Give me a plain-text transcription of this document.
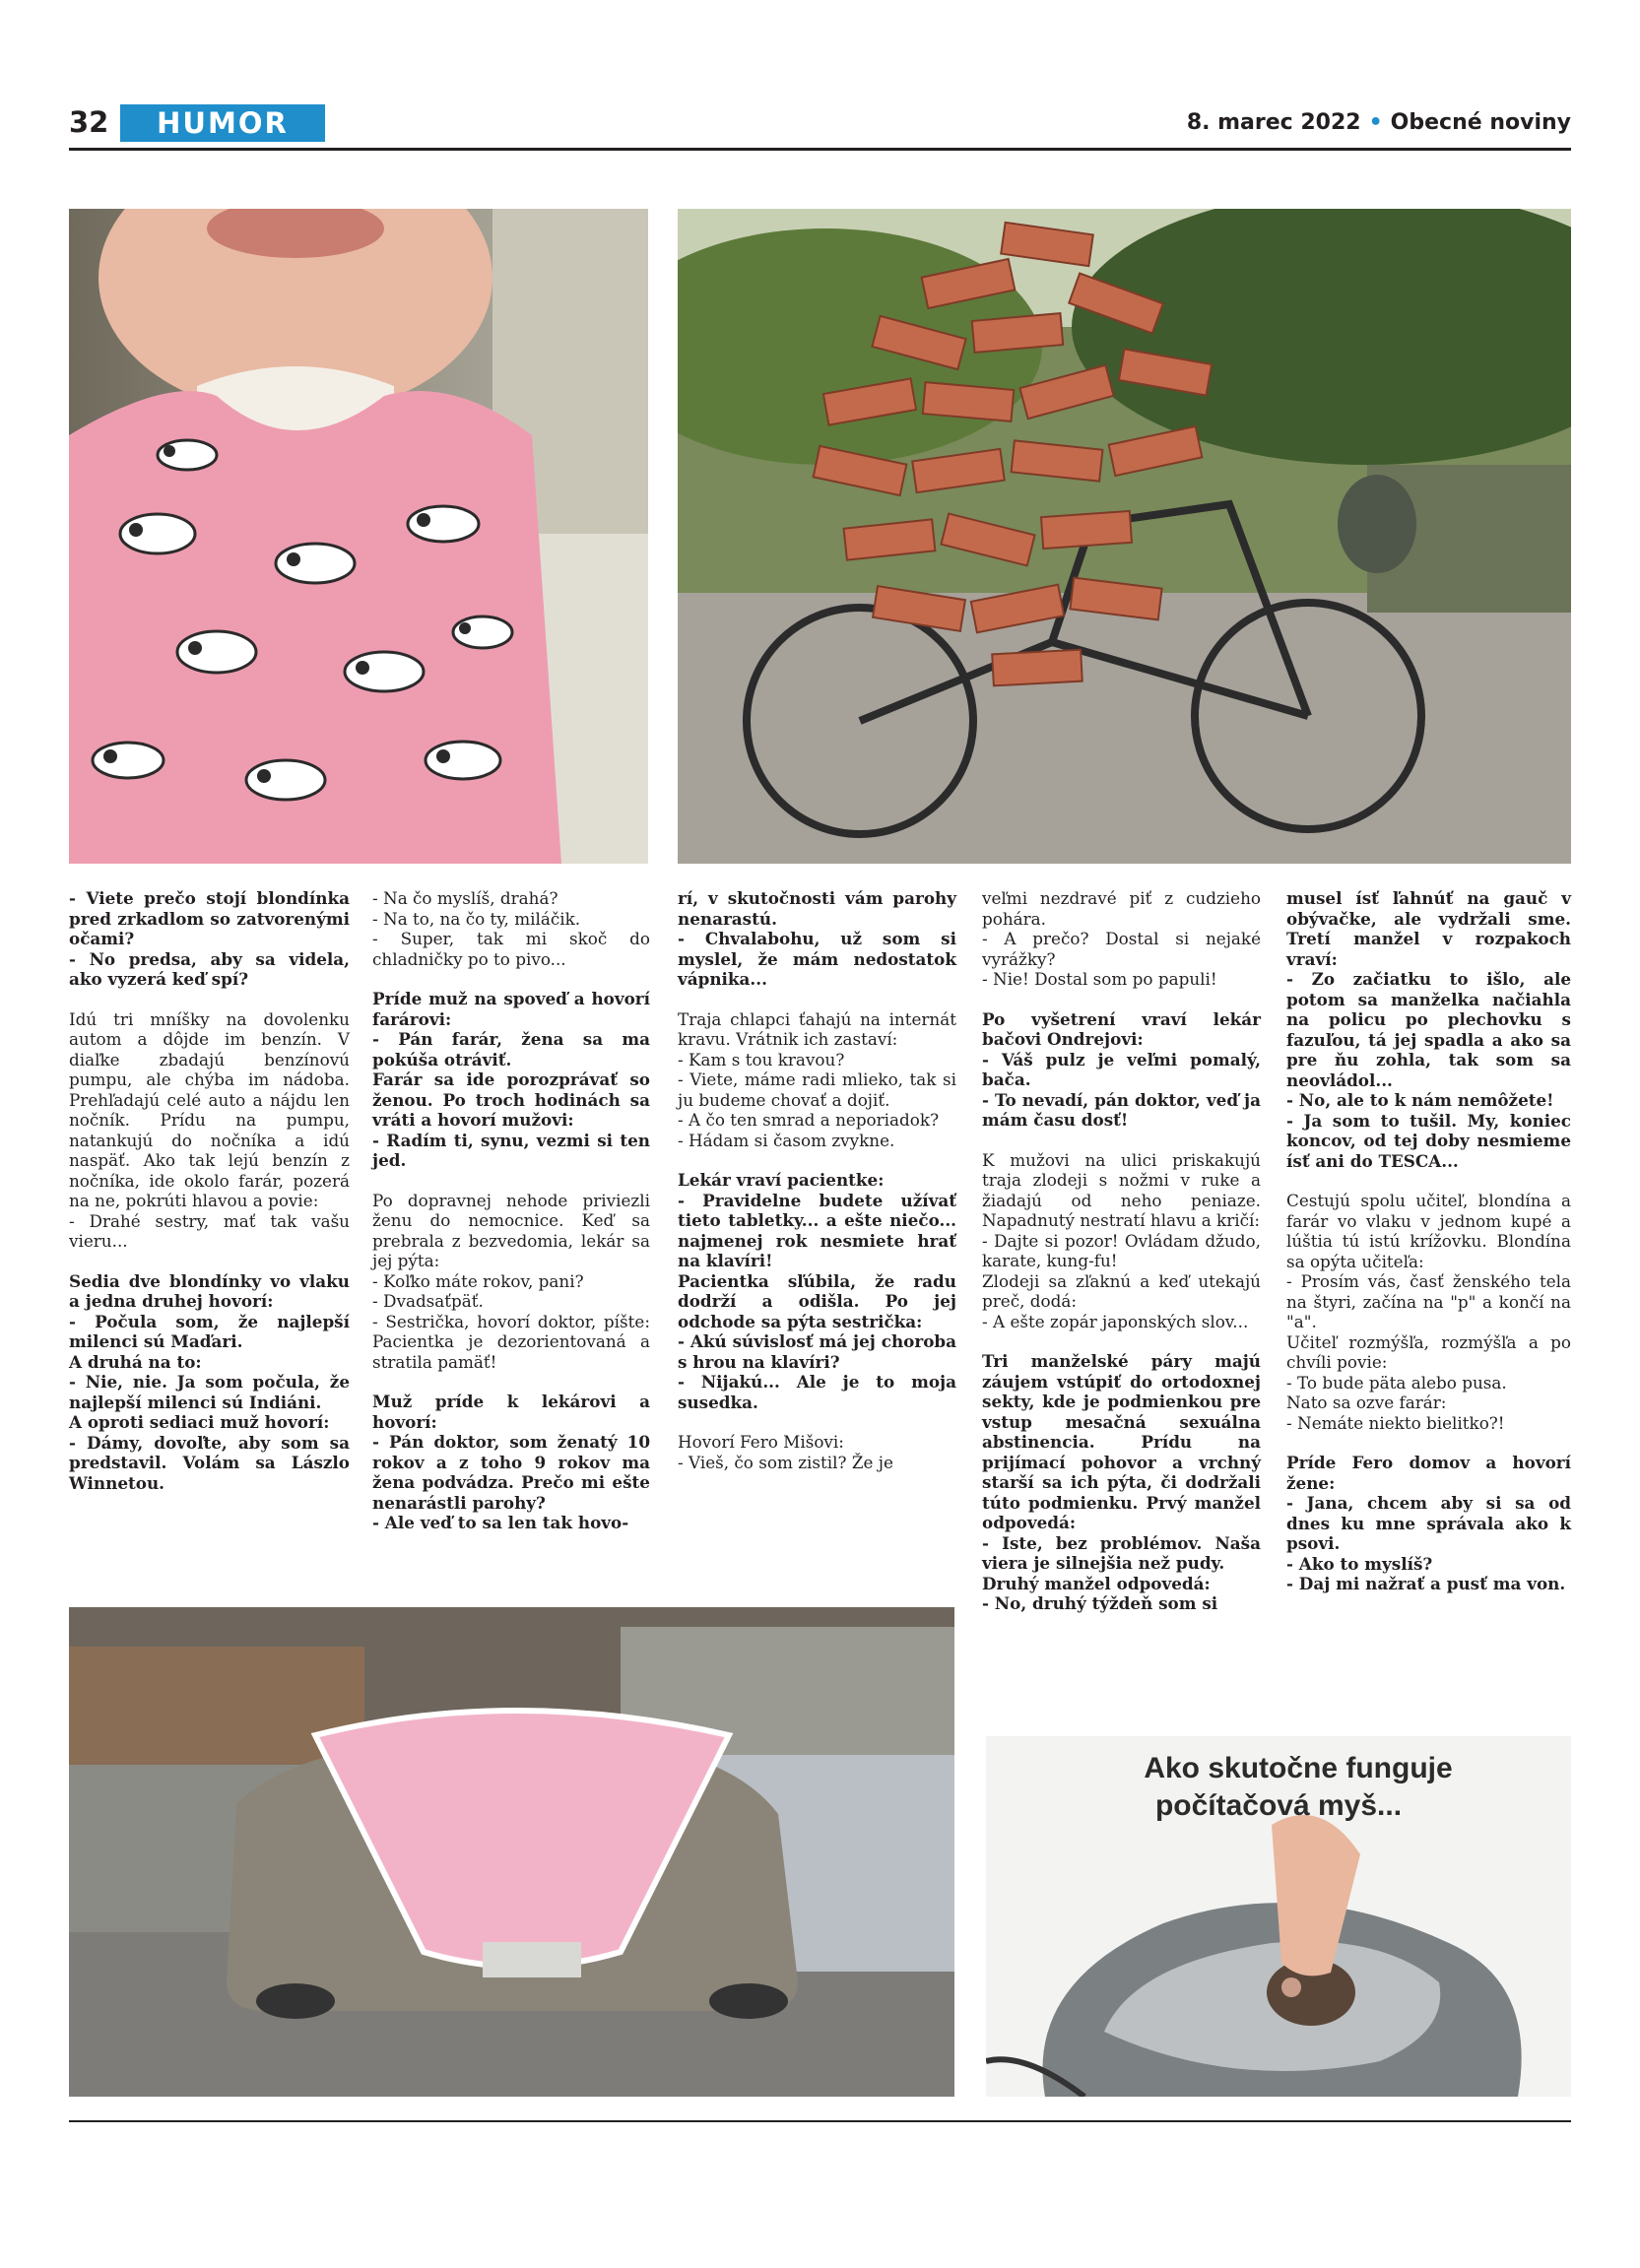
32	HUMOR	8. marec 2022 • Obecné noviny

- Viete prečo stojí blondínka pred zrkadlom so zatvorenými očami?
- No predsa, aby sa videla, ako vyzerá keď spí?

Idú tri mníšky na dovolenku autom a dôjde im benzín. V diaľke zbadajú benzínovú pumpu, ale chýba im nádoba. Prehľadajú celé auto a nájdu len nočník. Prídu na pumpu, natankujú do nočníka a idú naspäť. Ako tak lejú benzín z nočníka, ide okolo farár, pozerá na ne, pokrúti hlavou a povie:
- Drahé sestry, mať tak vašu vieru...

Sedia dve blondínky vo vlaku a jedna druhej hovorí:
- Počula som, že najlepší milenci sú Maďari.
A druhá na to:
- Nie, nie. Ja som počula, že najlepší milenci sú Indiáni.
A oproti sediaci muž hovorí:
- Dámy, dovoľte, aby som sa predstavil. Volám sa Lászlo Winnetou.

- Na čo myslíš, drahá?
- Na to, na čo ty, miláčik.
- Super, tak mi skoč do chladničky po to pivo...

Príde muž na spoveď a hovorí farárovi:
- Pán farár, žena sa ma pokúša otráviť.
Farár sa ide porozprávať so ženou. Po troch hodinách sa vráti a hovorí mužovi:
- Radím ti, synu, vezmi si ten jed.

Po dopravnej nehode priviezli ženu do nemocnice. Keď sa prebrala z bezvedomia, lekár sa jej pýta:
- Koľko máte rokov, pani?
- Dvadsaťpäť.
- Sestrička, hovorí doktor, píšte: Pacientka je dezorientovaná a stratila pamäť!

Muž príde k lekárovi a hovorí:
- Pán doktor, som ženatý 10 rokov a z toho 9 rokov ma žena podvádza. Prečo mi ešte nenarástli parohy?
- Ale veď to sa len tak hovo-

rí, v skutočnosti vám parohy nenarastú.
- Chvalabohu, už som si myslel, že mám nedostatok vápnika...

Traja chlapci ťahajú na internát kravu. Vrátnik ich zastaví:
- Kam s tou kravou?
- Viete, máme radi mlieko, tak si ju budeme chovať a dojiť.
- A čo ten smrad a neporiadok?
- Hádam si časom zvykne.

Lekár vraví pacientke:
- Pravidelne budete užívať tieto tabletky... a ešte niečo... najmenej rok nesmiete hrať na klavíri!
Pacientka sľúbila, že radu dodrží a odišla. Po jej odchode sa pýta sestrička:
- Akú súvislosť má jej choroba s hrou na klavíri?
- Nijakú... Ale je to moja susedka.

Hovorí Fero Mišovi:
- Vieš, čo som zistil? Že je

veľmi nezdravé piť z cudzieho pohára.
- A prečo? Dostal si nejaké vyrážky?
- Nie! Dostal som po papuli!

Po vyšetrení vraví lekár bačovi Ondrejovi:
- Váš pulz je veľmi pomalý, bača.
- To nevadí, pán doktor, veď ja mám času dosť!

K mužovi na ulici priskakujú traja zlodeji s nožmi v ruke a žiadajú od neho peniaze. Napadnutý nestratí hlavu a kričí:
- Dajte si pozor! Ovládam džudo, karate, kung-fu!
Zlodeji sa zľaknú a keď utekajú preč, dodá:
- A ešte zopár japonských slov...

Tri manželské páry majú záujem vstúpiť do ortodoxnej sekty, kde je podmienkou pre vstup mesačná sexuálna abstinencia. Prídu na prijímací pohovor a vrchný starší sa ich pýta, či dodržali túto podmienku. Prvý manžel odpovedá:
- Iste, bez problémov. Naša viera je silnejšia než pudy.
Druhý manžel odpovedá:
- No, druhý týždeň som si

musel ísť ľahnúť na gauč v obývačke, ale vydržali sme. Tretí manžel v rozpakoch vraví:
- Zo začiatku to išlo, ale potom sa manželka načiahla na policu po plechovku s fazuľou, tá jej spadla a ako sa pre ňu zohla, tak som sa neovládol...
- No, ale to k nám nemôžete!
- Ja som to tušil. My, koniec koncov, od tej doby nesmieme ísť ani do TESCA...

Cestujú spolu učiteľ, blondína a farár vo vlaku v jednom kupé a lúštia tú istú krížovku. Blondína sa opýta učiteľa:
- Prosím vás, časť ženského tela na štyri, začína na "p" a končí na "a".
Učiteľ rozmýšľa, rozmýšľa a po chvíli povie:
- To bude päta alebo pusa.
Nato sa ozve farár:
- Nemáte niekto bielitko?!

Príde Fero domov a hovorí žene:
- Jana, chcem aby si sa od dnes ku mne správala ako k psovi.
- Ako to myslíš?
- Daj mi nažrať a pusť ma von.

Ako skutočne funguje
počítačová myš...
